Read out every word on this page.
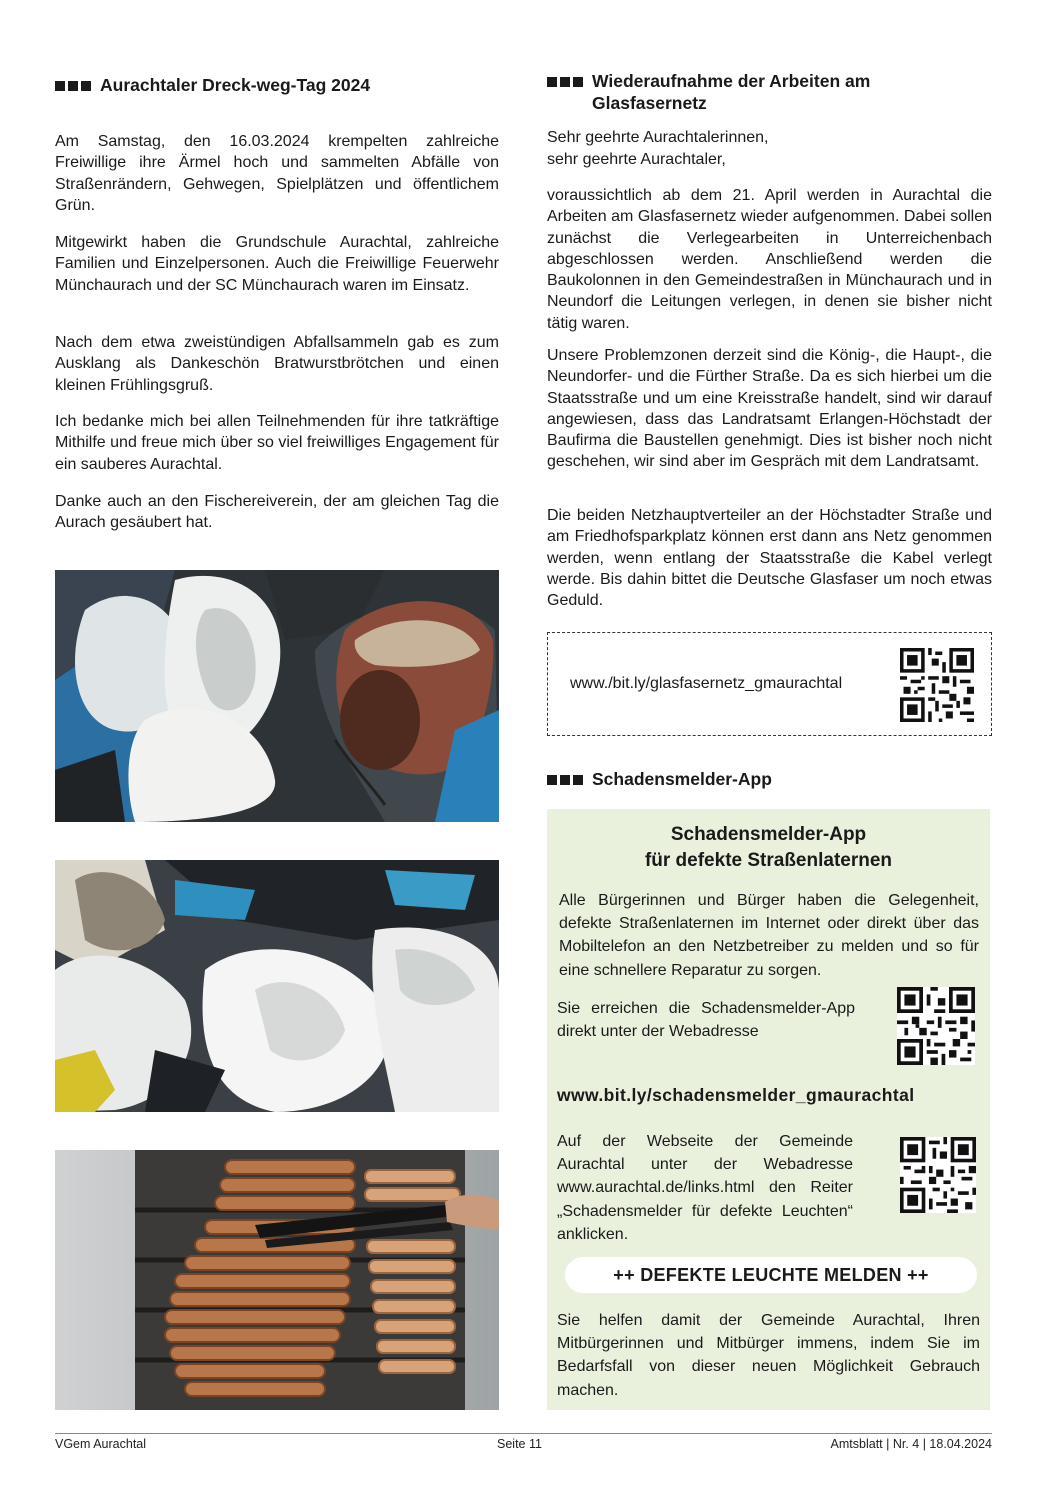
Aurachtaler Dreck-weg-Tag 2024

Am Samstag, den 16.03.2024 krempelten zahlreiche Freiwillige ihre Ärmel hoch und sammelten Abfälle von Straßenrändern, Gehwegen, Spielplätzen und öffentlichem Grün.

Mitgewirkt haben die Grundschule Aurachtal, zahlreiche Familien und Einzelpersonen. Auch die Freiwillige Feuerwehr Münchaurach und der SC Münchaurach waren im Einsatz.

Nach dem etwa zweistündigen Abfallsammeln gab es zum Ausklang als Dankeschön Bratwurstbrötchen und einen kleinen Frühlingsgruß.

Ich bedanke mich bei allen Teilnehmenden für ihre tatkräftige Mithilfe und freue mich über so viel freiwilliges Engagement für ein sauberes Aurachtal.

Danke auch an den Fischereiverein, der am gleichen Tag die Aurach gesäubert hat.

Wiederaufnahme der Arbeiten am Glasfasernetz

Sehr geehrte Aurachtalerinnen,

sehr geehrte Aurachtaler,

voraussichtlich ab dem 21. April werden in Aurachtal die Arbeiten am Glasfasernetz wieder aufgenommen. Dabei sollen zunächst die Verlegearbeiten in Unterreichenbach abgeschlossen werden. Anschließend werden die Baukolonnen in den Gemeindestraßen in Münchaurach und in Neundorf die Leitungen verlegen, in denen sie bisher nicht tätig waren.

Unsere Problemzonen derzeit sind die König-, die Haupt-, die Neundorfer- und die Fürther Straße. Da es sich hierbei um die Staatsstraße und um eine Kreisstraße handelt, sind wir darauf angewiesen, dass das Landratsamt Erlangen-Höchstadt der Baufirma die Baustellen genehmigt. Dies ist bisher noch nicht geschehen, wir sind aber im Gespräch mit dem Landratsamt.

Die beiden Netzhauptverteiler an der Höchstadter Straße und am Friedhofsparkplatz können erst dann ans Netz genommen werden, wenn entlang der Staatsstraße die Kabel verlegt werde. Bis dahin bittet die Deutsche Glasfaser um noch etwas Geduld.

www./bit.ly/glasfasernetz_gmaurachtal
Schadensmelder-App
Schadensmelder-App
für defekte Straßenlaternen

Alle Bürgerinnen und Bürger haben die Gelegenheit, defekte Straßenlaternen im Internet oder direkt über das Mobiltelefon an den Netzbetreiber zu melden und so für eine schnellere Reparatur zu sorgen.

Sie erreichen die Schadensmelder-App direkt unter der Webadresse

www.bit.ly/schadensmelder_gmaurachtal

Auf der Webseite der Gemeinde Aurachtal unter der Webadresse www.aurachtal.de/links.html den Reiter „Schadensmelder für defekte Leuchten“ anklicken.

++ DEFEKTE LEUCHTE MELDEN ++

Sie helfen damit der Gemeinde Aurachtal, Ihren Mitbürgerinnen und Mitbürger immens, indem Sie im Bedarfsfall von dieser neuen Möglichkeit Gebrauch machen.

VGem Aurachtal	Seite 11	Amtsblatt | Nr. 4 | 18.04.2024
